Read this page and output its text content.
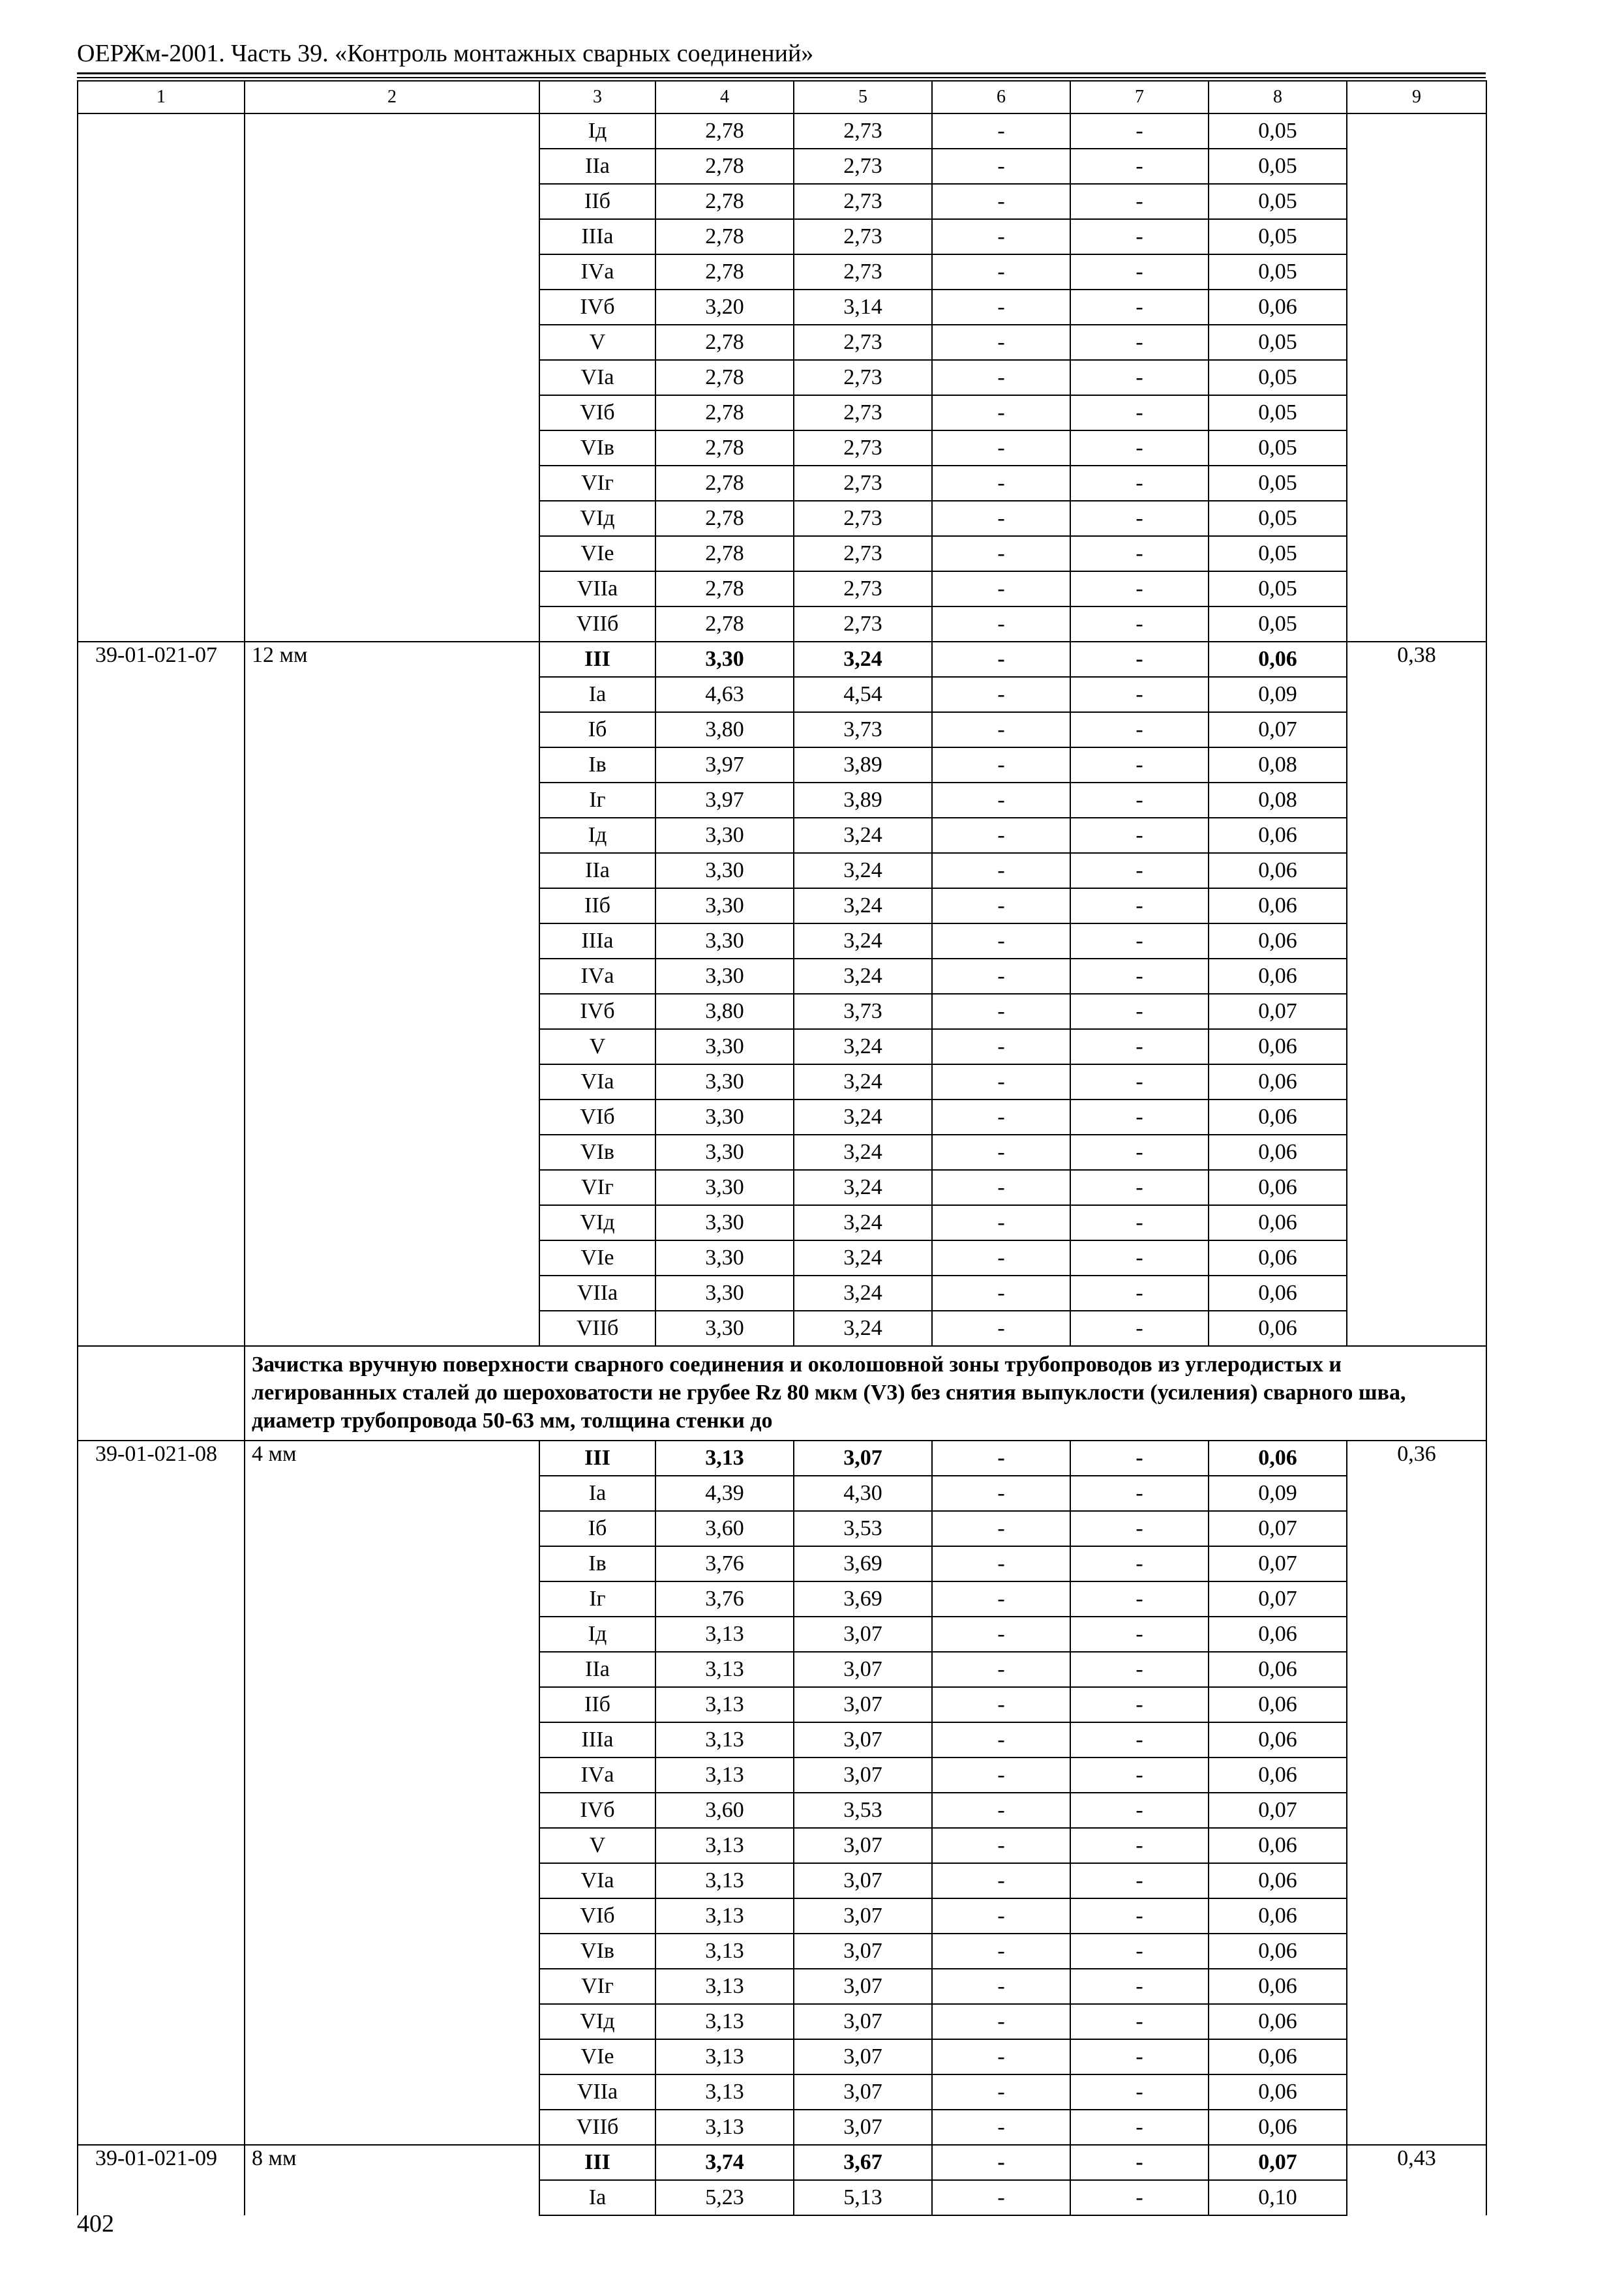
ОЕРЖм-2001. Часть 39. «Контроль монтажных сварных соединений»
1	2	3	4	5	6	7	8	9
		Iд	2,78	2,73	-	-	0,05	
		IIа	2,78	2,73	-	-	0,05	
		IIб	2,78	2,73	-	-	0,05	
		IIIа	2,78	2,73	-	-	0,05	
		IVа	2,78	2,73	-	-	0,05	
		IVб	3,20	3,14	-	-	0,06	
		V	2,78	2,73	-	-	0,05	
		VIа	2,78	2,73	-	-	0,05	
		VIб	2,78	2,73	-	-	0,05	
		VIв	2,78	2,73	-	-	0,05	
		VIг	2,78	2,73	-	-	0,05	
		VIд	2,78	2,73	-	-	0,05	
		VIе	2,78	2,73	-	-	0,05	
		VIIа	2,78	2,73	-	-	0,05	
		VIIб	2,78	2,73	-	-	0,05	
39-01-021-07	12 мм	III	3,30	3,24	-	-	0,06	0,38
		Iа	4,63	4,54	-	-	0,09	
		Iб	3,80	3,73	-	-	0,07	
		Iв	3,97	3,89	-	-	0,08	
		Iг	3,97	3,89	-	-	0,08	
		Iд	3,30	3,24	-	-	0,06	
		IIа	3,30	3,24	-	-	0,06	
		IIб	3,30	3,24	-	-	0,06	
		IIIа	3,30	3,24	-	-	0,06	
		IVа	3,30	3,24	-	-	0,06	
		IVб	3,80	3,73	-	-	0,07	
		V	3,30	3,24	-	-	0,06	
		VIа	3,30	3,24	-	-	0,06	
		VIб	3,30	3,24	-	-	0,06	
		VIв	3,30	3,24	-	-	0,06	
		VIг	3,30	3,24	-	-	0,06	
		VIд	3,30	3,24	-	-	0,06	
		VIе	3,30	3,24	-	-	0,06	
		VIIа	3,30	3,24	-	-	0,06	
		VIIб	3,30	3,24	-	-	0,06	
	Зачистка вручную поверхности сварного соединения и околошовной зоны трубопроводов из углеродистых и легированных сталей до шероховатости не грубее Rz 80 мкм (V3) без снятия выпуклости (усиления) сварного шва, диаметр трубопровода 50-63 мм, толщина стенки до							
39-01-021-08	4 мм	III	3,13	3,07	-	-	0,06	0,36
		Iа	4,39	4,30	-	-	0,09	
		Iб	3,60	3,53	-	-	0,07	
		Iв	3,76	3,69	-	-	0,07	
		Iг	3,76	3,69	-	-	0,07	
		Iд	3,13	3,07	-	-	0,06	
		IIа	3,13	3,07	-	-	0,06	
		IIб	3,13	3,07	-	-	0,06	
		IIIа	3,13	3,07	-	-	0,06	
		IVа	3,13	3,07	-	-	0,06	
		IVб	3,60	3,53	-	-	0,07	
		V	3,13	3,07	-	-	0,06	
		VIа	3,13	3,07	-	-	0,06	
		VIб	3,13	3,07	-	-	0,06	
		VIв	3,13	3,07	-	-	0,06	
		VIг	3,13	3,07	-	-	0,06	
		VIд	3,13	3,07	-	-	0,06	
		VIе	3,13	3,07	-	-	0,06	
		VIIа	3,13	3,07	-	-	0,06	
		VIIб	3,13	3,07	-	-	0,06	
39-01-021-09	8 мм	III	3,74	3,67	-	-	0,07	0,43
		Iа	5,23	5,13	-	-	0,10	
402
